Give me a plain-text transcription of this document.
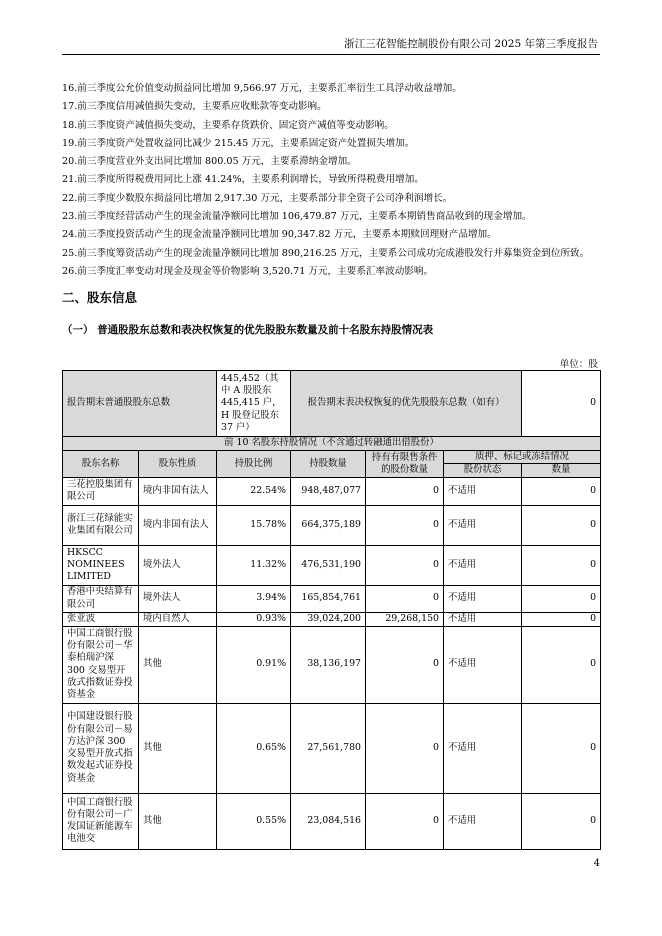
浙江三花智能控制股份有限公司 2025 年第三季度报告
16.前三季度公允价值变动损益同比增加 9,566.97 万元，主要系汇率衍生工具浮动收益增加。
17.前三季度信用减值损失变动，主要系应收账款等变动影响。
18.前三季度资产减值损失变动，主要系存货跌价、固定资产减值等变动影响。
19.前三季度资产处置收益同比减少 215.45 万元，主要系固定资产处置损失增加。
20.前三季度营业外支出同比增加 800.05 万元，主要系滞纳金增加。
21.前三季度所得税费用同比上涨 41.24%，主要系利润增长，导致所得税费用增加。
22.前三季度少数股东损益同比增加 2,917.30 万元，主要系部分非全资子公司净利润增长。
23.前三季度经营活动产生的现金流量净额同比增加 106,479.87 万元，主要系本期销售商品收到的现金增加。
24.前三季度投资活动产生的现金流量净额同比增加 90,347.82 万元，主要系本期赎回理财产品增加。
25.前三季度筹资活动产生的现金流量净额同比增加 890,216.25 万元，主要系公司成功完成港股发行并募集资金到位所致。
26.前三季度汇率变动对现金及现金等价物影响 3,520.71 万元，主要系汇率波动影响。
二、股东信息
（一） 普通股股东总数和表决权恢复的优先股股东数量及前十名股东持股情况表
单位：股
报告期末普通股股东总数		445,452（其中 A 股股东 445,415 户，H 股登记股东 37 户）	报告期末表决权恢复的优先股股东总数（如有）			0
前 10 名股东持股情况（不含通过转融通出借股份）						
股东名称	股东性质	持股比例	持股数量	持有有限售条件的股份数量	质押、标记或冻结情况	
					股份状态	数量
三花控股集团有限公司	境内非国有法人	22.54%	948,487,077	0	不适用	0
浙江三花绿能实业集团有限公司	境内非国有法人	15.78%	664,375,189	0	不适用	0
HKSCC NOMINEES LIMITED	境外法人	11.32%	476,531,190	0	不适用	0
香港中央结算有限公司	境外法人	3.94%	165,854,761	0	不适用	0
张亚波	境内自然人	0.93%	39,024,200	29,268,150	不适用	0
中国工商银行股份有限公司－华泰柏瑞沪深 300 交易型开放式指数证券投资基金	其他	0.91%	38,136,197	0	不适用	0
中国建设银行股份有限公司－易方达沪深 300 交易型开放式指数发起式证券投资基金	其他	0.65%	27,561,780	0	不适用	0
中国工商银行股份有限公司－广发国证新能源车电池交	其他	0.55%	23,084,516	0	不适用	0
4
